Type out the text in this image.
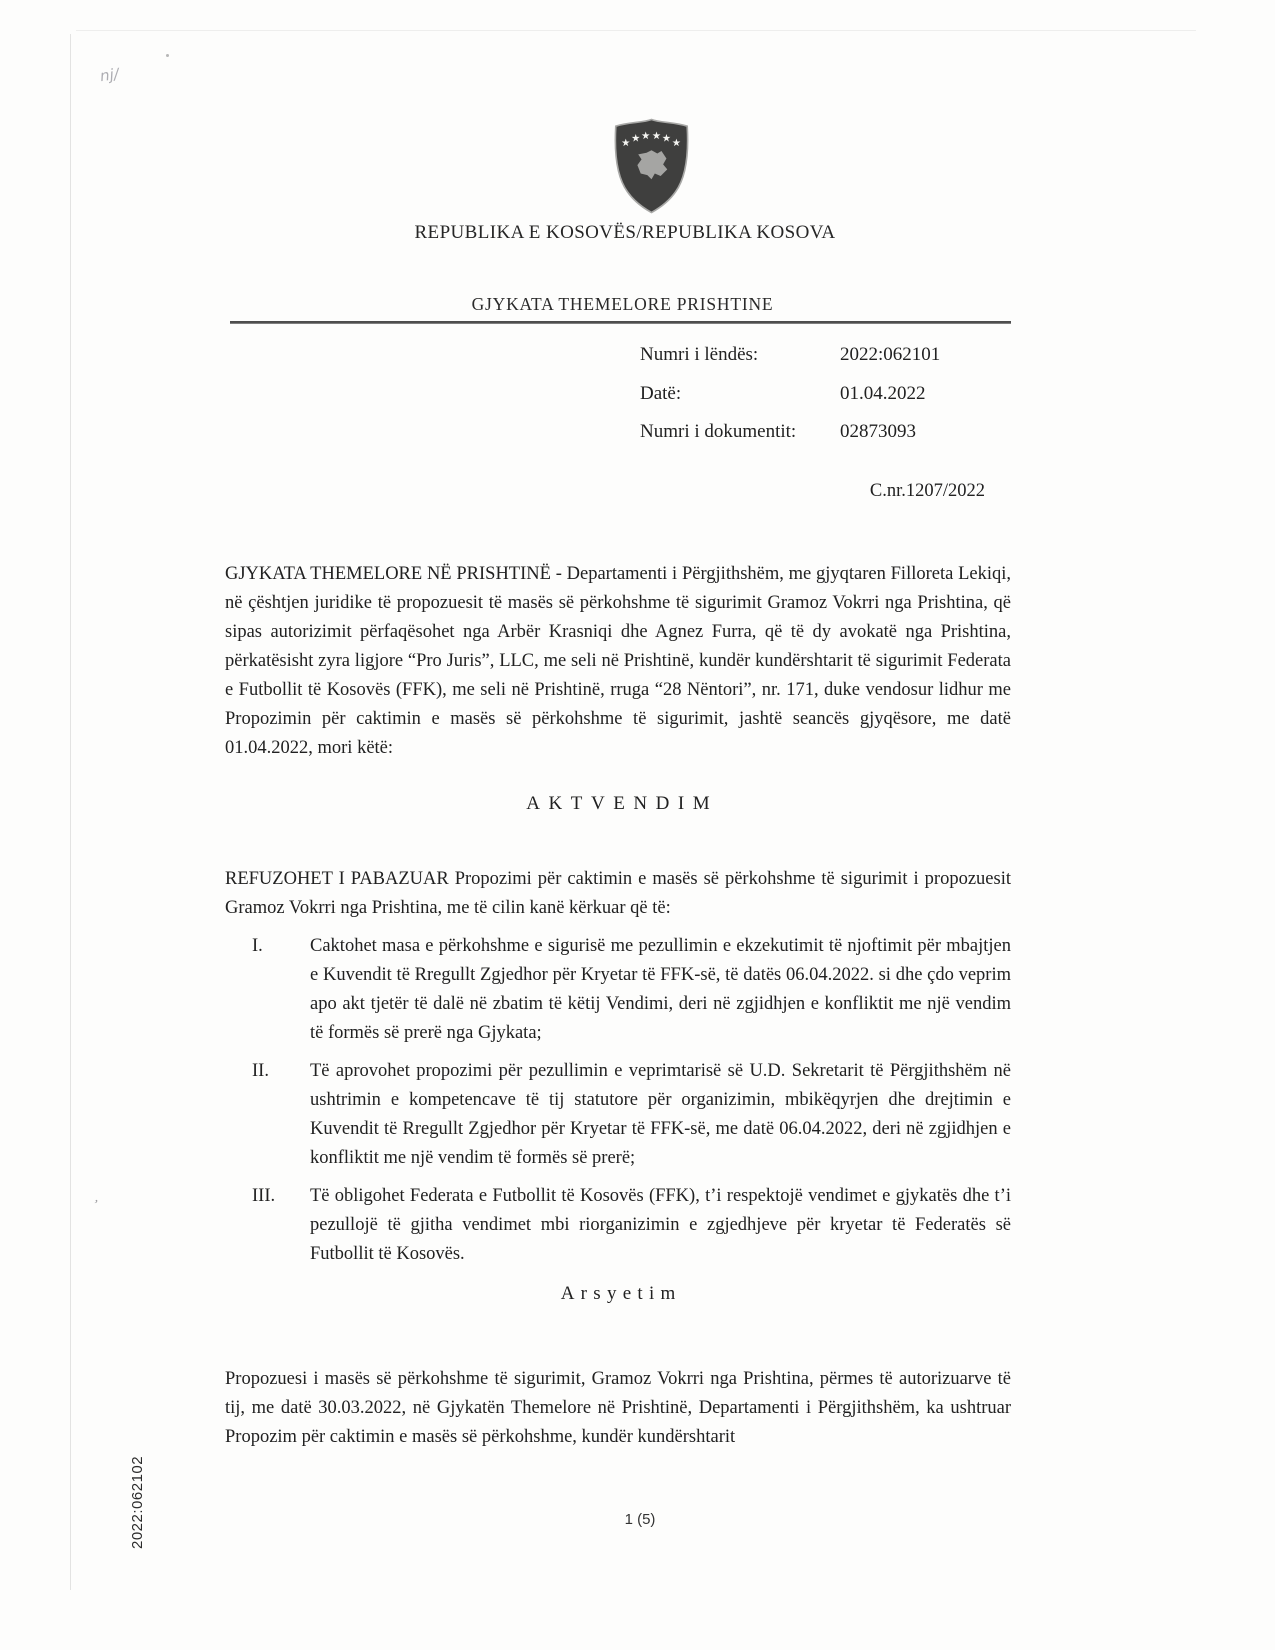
nj/
’
REPUBLIKA E KOSOVËS/REPUBLIKA KOSOVA
GJYKATA THEMELORE PRISHTINE
Numri i lëndës:	2022:062101
Datë:	01.04.2022
Numri i dokumentit: 02873093
C.nr.1207/2022

GJYKATA THEMELORE NË PRISHTINË - Departamenti i Përgjithshëm, me gjyqtaren Filloreta Lekiqi, në çështjen juridike të propozuesit të masës së përkohshme të sigurimit Gramoz Vokrri nga Prishtina, që sipas autorizimit përfaqësohet nga Arbër Krasniqi dhe Agnez Furra, që të dy avokatë nga Prishtina, përkatësisht zyra ligjore “Pro Juris”, LLC, me seli në Prishtinë, kundër kundërshtarit të sigurimit Federata e Futbollit të Kosovës (FFK), me seli në Prishtinë, rruga “28 Nëntori”, nr. 171, duke vendosur lidhur me Propozimin për caktimin e masës së përkohshme të sigurimit, jashtë seancës gjyqësore, me datë 01.04.2022, mori këtë:

AKTVENDIM

REFUZOHET I PABAZUAR Propozimi për caktimin e masës së përkohshme të sigurimit i propozuesit Gramoz Vokrri nga Prishtina, me të cilin kanë kërkuar që të:

I.	Caktohet masa e përkohshme e sigurisë me pezullimin e ekzekutimit të njoftimit për mbajtjen e Kuvendit të Rregullt Zgjedhor për Kryetar të FFK-së, të datës 06.04.2022. si dhe çdo veprim apo akt tjetër të dalë në zbatim të këtij Vendimi, deri në zgjidhjen e konfliktit me një vendim të formës së prerë nga Gjykata;
II.	Të aprovohet propozimi për pezullimin e veprimtarisë së U.D. Sekretarit të Përgjithshëm në ushtrimin e kompetencave të tij statutore për organizimin, mbikëqyrjen dhe drejtimin e Kuvendit të Rregullt Zgjedhor për Kryetar të FFK-së, me datë 06.04.2022, deri në zgjidhjen e konfliktit me një vendim të formës së prerë;
III.	Të obligohet Federata e Futbollit të Kosovës (FFK), t’i respektojë vendimet e gjykatës dhe t’i pezullojë të gjitha vendimet mbi riorganizimin e zgjedhjeve për kryetar të Federatës së Futbollit të Kosovës.
Arsyetim

Propozuesi i masës së përkohshme të sigurimit, Gramoz Vokrri nga Prishtina, përmes të autorizuarve të tij, me datë 30.03.2022, në Gjykatën Themelore në Prishtinë, Departamenti i Përgjithshëm, ka ushtruar Propozim për caktimin e masës së përkohshme, kundër kundërshtarit

2022:062102	1 (5)
